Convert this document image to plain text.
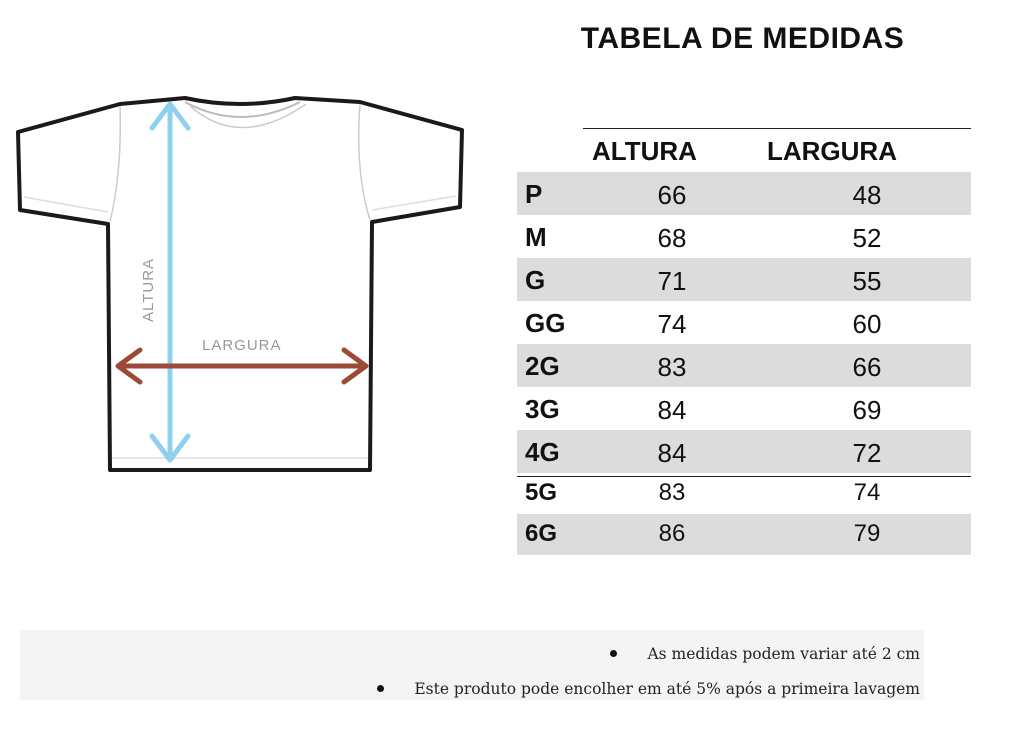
TABELA DE MEDIDAS
ALTURA
LARGURA
ALTURA	LARGURA
P	66	48
M	68	52
G	71	55
GG	74	60
2G	83	66
3G	84	69
4G	84	72
5G	83	74
6G	86	79
As medidas podem variar até 2 cm
Este produto pode encolher em até 5% após a primeira lavagem
